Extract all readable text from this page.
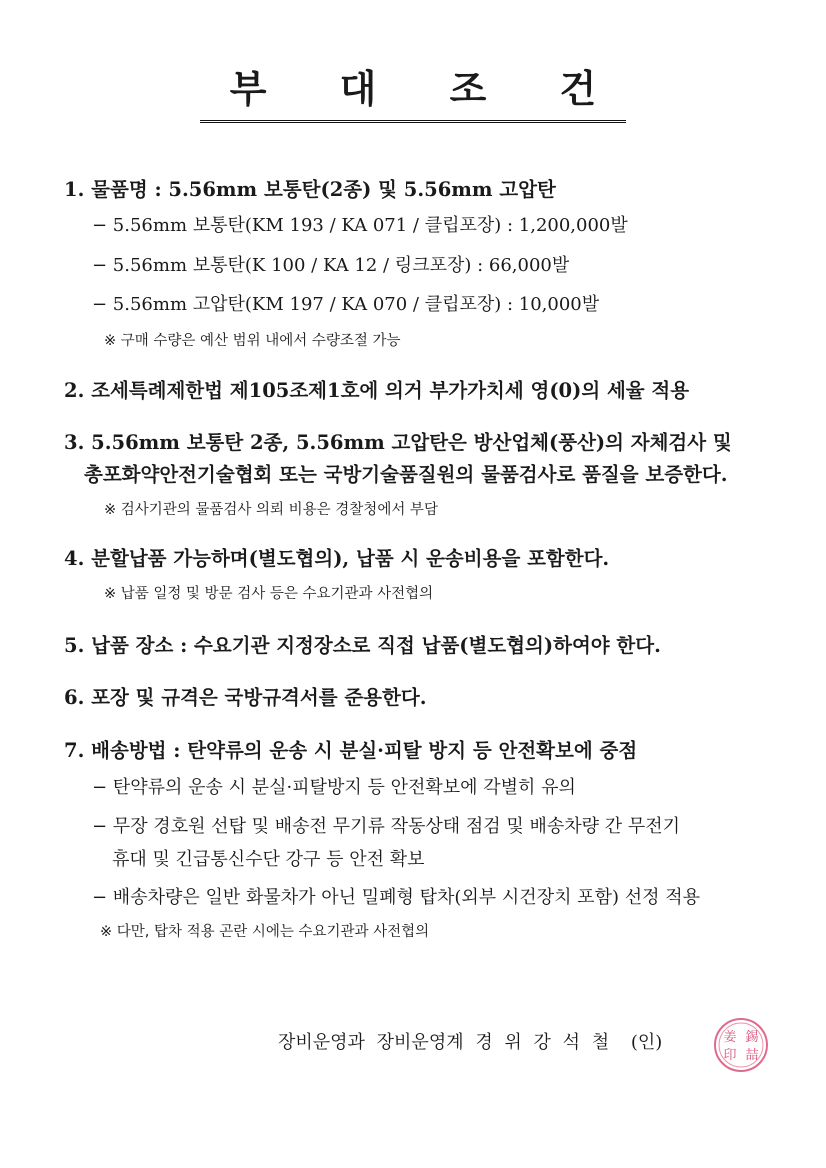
부 대 조 건
1. 물품명 : 5.56mm 보통탄(2종) 및 5.56mm 고압탄
− 5.56mm 보통탄(KM 193 / KA 071 / 클립포장) : 1,200,000발
− 5.56mm 보통탄(K 100 / KA 12 / 링크포장) : 66,000발
− 5.56mm 고압탄(KM 197 / KA 070 / 클립포장) : 10,000발
※ 구매 수량은 예산 범위 내에서 수량조절 가능
2. 조세특례제한법 제105조제1호에 의거 부가가치세 영(0)의 세율 적용
3. 5.56mm 보통탄 2종, 5.56mm 고압탄은 방산업체(풍산)의 자체검사 및
총포화약안전기술협회 또는 국방기술품질원의 물품검사로 품질을 보증한다.
※ 검사기관의 물품검사 의뢰 비용은 경찰청에서 부담
4. 분할납품 가능하며(별도협의), 납품 시 운송비용을 포함한다.
※ 납품 일정 및 방문 검사 등은 수요기관과 사전협의
5. 납품 장소 : 수요기관 지정장소로 직접 납품(별도협의)하여야 한다.
6. 포장 및 규격은 국방규격서를 준용한다.
7. 배송방법 : 탄약류의 운송 시 분실·피탈 방지 등 안전확보에 중점
− 탄약류의 운송 시 분실·피탈방지 등 안전확보에 각별히 유의
− 무장 경호원 선탑 및 배송전 무기류 작동상태 점검 및 배송차량 간 무전기
휴대 및 긴급통신수단 강구 등 안전 확보
− 배송차량은 일반 화물차가 아닌 밀폐형 탑차(외부 시건장치 포함) 선정 적용
※ 다만, 탑차 적용 곤란 시에는 수요기관과 사전협의
장비운영과 장비운영계 경 위 강 석 철 (인)	姜 錫
印 喆
